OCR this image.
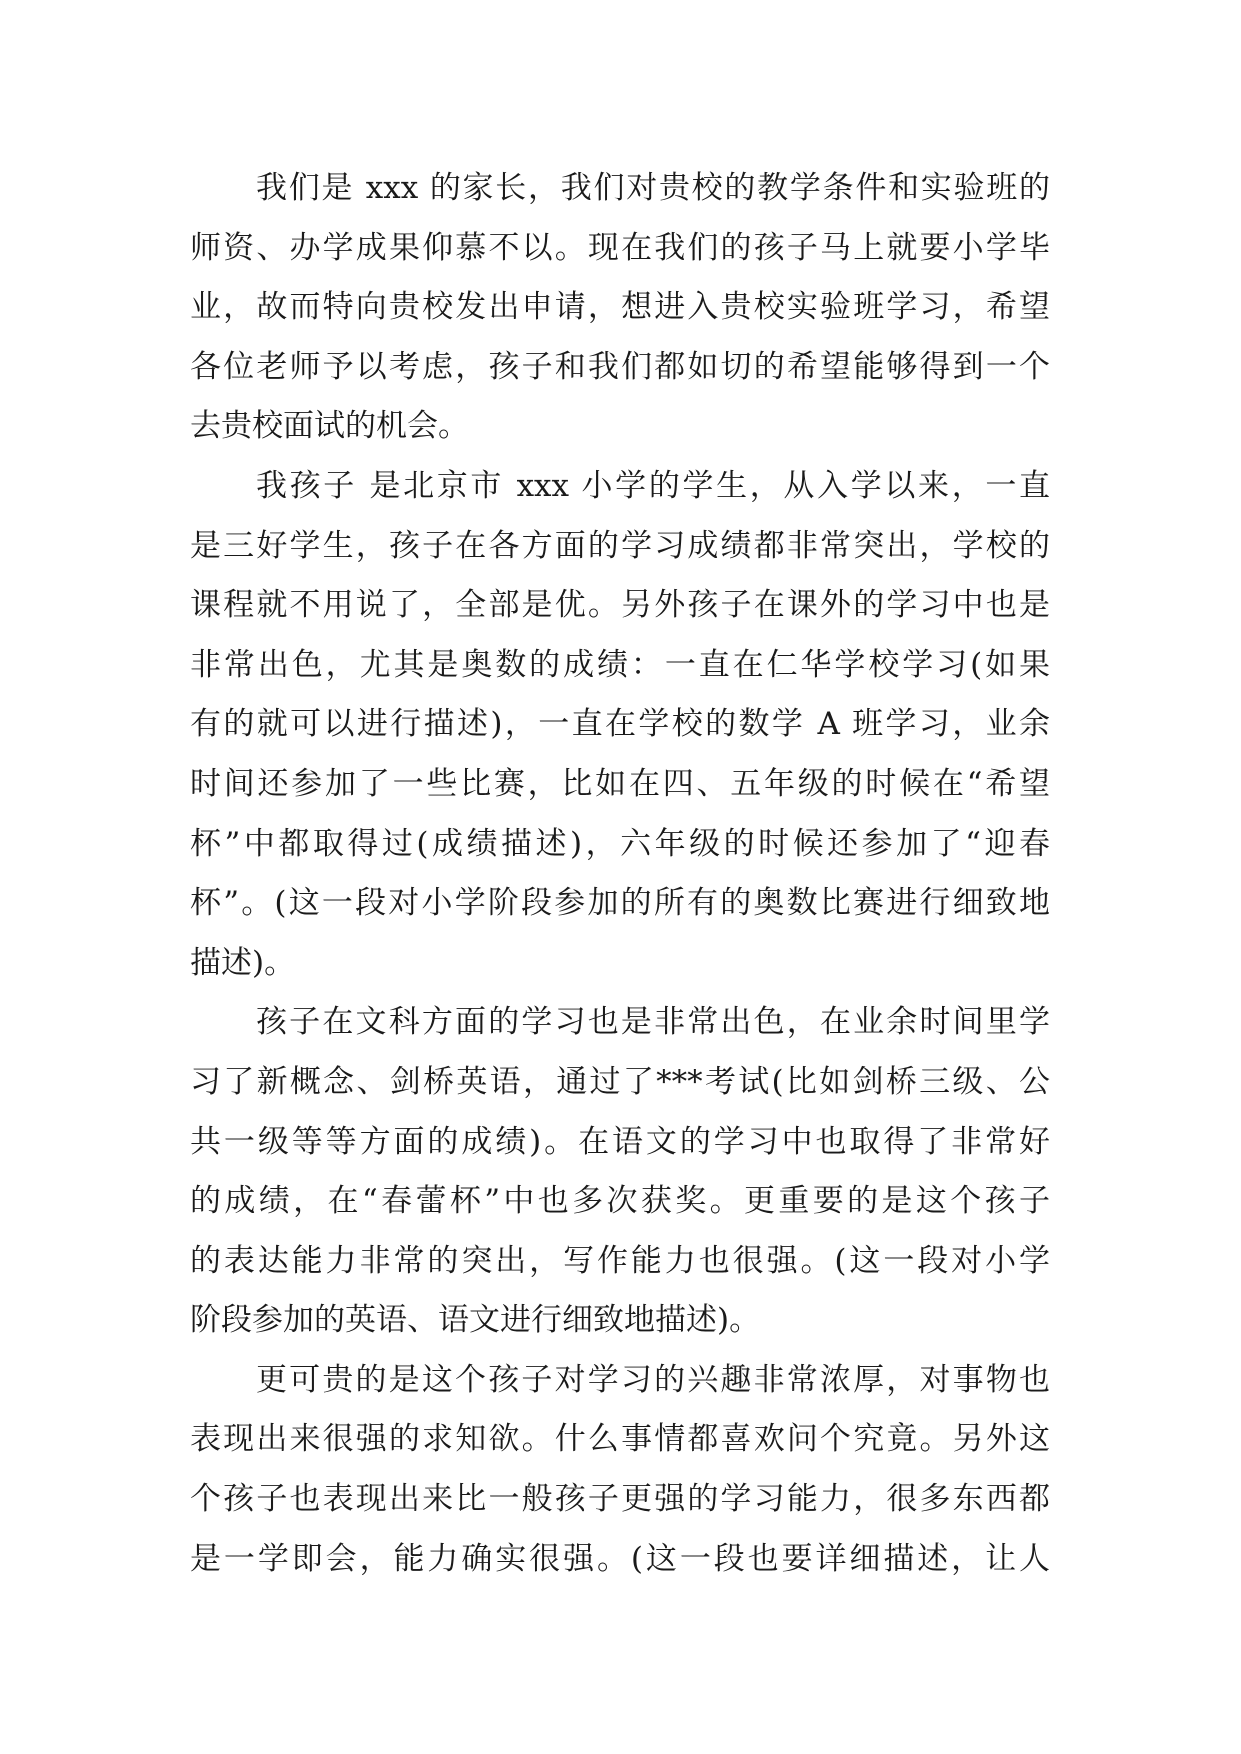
我们是 xxx 的家长，我们对贵校的教学条件和实验班的
师资、办学成果仰慕不以。现在我们的孩子马上就要小学毕
业，故而特向贵校发出申请，想进入贵校实验班学习，希望
各位老师予以考虑，孩子和我们都如切的希望能够得到一个
去贵校面试的机会。
我孩子 是北京市 xxx 小学的学生，从入学以来，一直
是三好学生，孩子在各方面的学习成绩都非常突出，学校的
课程就不用说了，全部是优。另外孩子在课外的学习中也是
非常出色，尤其是奥数的成绩：一直在仁华学校学习(如果
有的就可以进行描述)，一直在学校的数学 A 班学习，业余
时间还参加了一些比赛，比如在四、五年级的时候在“希望
杯”中都取得过(成绩描述)，六年级的时候还参加了“迎春
杯”。(这一段对小学阶段参加的所有的奥数比赛进行细致地
描述)。
孩子在文科方面的学习也是非常出色，在业余时间里学
习了新概念、剑桥英语，通过了***考试(比如剑桥三级、公
共一级等等方面的成绩)。在语文的学习中也取得了非常好
的成绩，在“春蕾杯”中也多次获奖。更重要的是这个孩子
的表达能力非常的突出，写作能力也很强。(这一段对小学
阶段参加的英语、语文进行细致地描述)。
更可贵的是这个孩子对学习的兴趣非常浓厚，对事物也
表现出来很强的求知欲。什么事情都喜欢问个究竟。另外这
个孩子也表现出来比一般孩子更强的学习能力，很多东西都
是一学即会，能力确实很强。(这一段也要详细描述，让人
